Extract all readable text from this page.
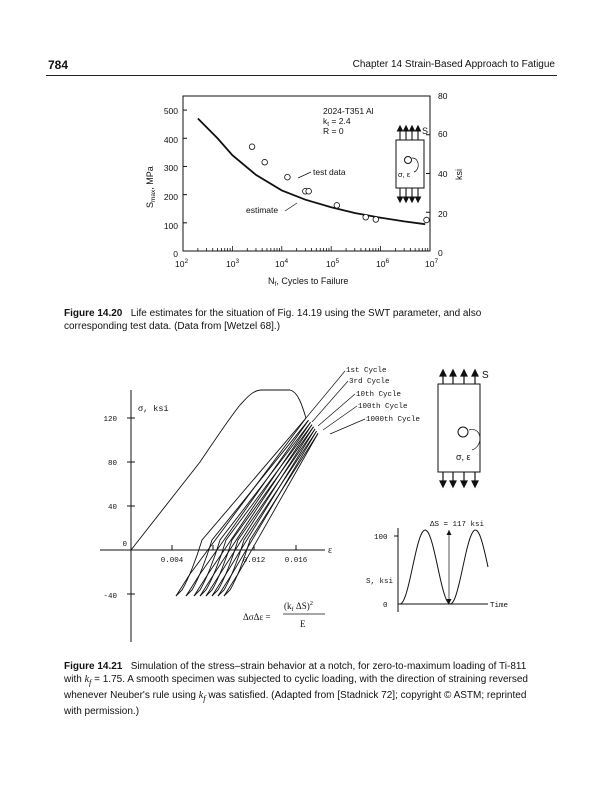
784	Chapter 14 Strain-Based Approach to Fatigue
500
400
300
200
100
0
80
60
40
20
0
$10^2$	$10^3$	$10^4$	$10^5$	$10^6$	$10^7$
$N_f$, Cycles to Failure
$S_{max}$, MPa	ksi
2024-T351 Al
$k_t = 2.4$
R = 0
test data
estimate
σ, ε
S
σ, ksi
ε
120
80
40
0
-40
0.004	0.012	0.016
1st Cycle
3rd Cycle
10th Cycle
100th Cycle
1000th Cycle
ΔσΔε =
($k_f$ ΔS)$^2$
E
σ, ε
S
ΔS = 117 ksi
100
S, ksi
0	Time
Figure 14.20 Life estimates for the situation of Fig. 14.19 using the SWT parameter, and also corresponding test data. (Data from [Wetzel 68].)
Figure 14.21 Simulation of the stress–strain behavior at a notch, for zero-to-maximum loading of Ti-811 with $k_f = 1.75$. A smooth specimen was subjected to cyclic loading, with the direction of straining reversed whenever Neuber's rule using $k_f$ was satisfied. (Adapted from [Stadnick 72]; copyright © ASTM; reprinted with permission.)
